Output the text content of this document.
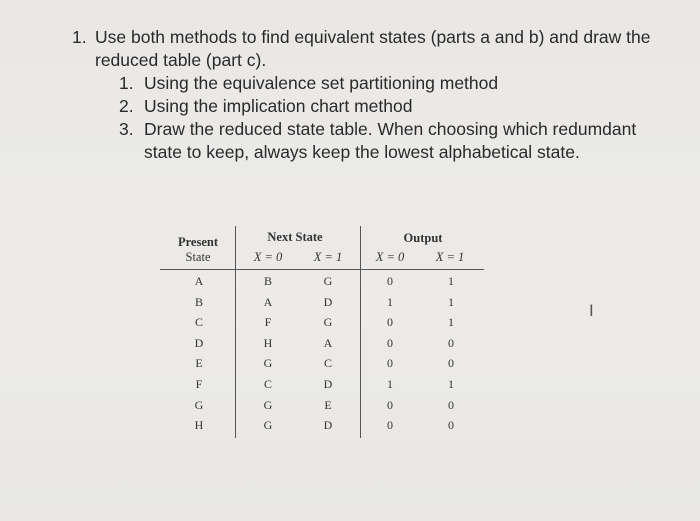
1. Use both methods to find equivalent states (parts a and b) and draw the reduced table (part c).
1. Using the equivalence set partitioning method
2. Using the implication chart method
3. Draw the reduced state table. When choosing which redumdant state to keep, always keep the lowest alphabetical state.
Present
State
Next State	Output
X = 0	X = 1	X = 0	X = 1
A	B	G	0	1
B	A	D	1	1
C	F	G	0	1
D	H	A	0	0
E	G	C	0	0
F	C	D	1	1
G	G	E	0	0
H	G	D	0	0
I
